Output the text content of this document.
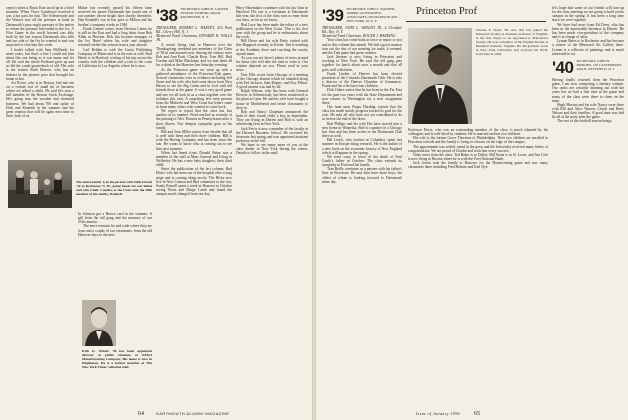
ceptor) when a Bison Kon stood up in a brief moment. When Vince Gambroyd received it was a hot pass for that. The Schenectady and the Warner was all the pressure at hand in Dartmouth's pass-ought pressure of the nation to whom the pressure had ended to the Ivy. A Nice Game in the world beyond was ably built by the last season Dartmouth also tells and our side of the Ivy he wanted to and was surprised to visit him this week.

I hadn't talked with Sam McReady for some years, but that's a line I could ask him about this one being as it was many and for all. He said the whole Portland grew up and so did the youth quarterback of old. His wife is the former Ruth Elmore, who has an interest in the pioneer pace that brought her home at last.

Art Rowe, who is in Boston, had met me on a certain sort of small bit of business where we talked a while. He said he's now a full member of the Boston Stock Exchange. He's going into the wooden and chemical business. We had about 700 and spoke of Dick and Kenneth in the summer and the great reunion that will be again next time in June, both of us.

The entire family is in the picture with Dick Drexel '42 at Rochester, N. H., going heads for our Rebel and wife Lilah. Candice is the from with the fifth member of the family, Dashiell.

Maine has recently passed his fifteen time received his pastor Dartmouth has found one of our number whose bright days shortly thereafter. Dan Kendall's son in law goes to Milton and his brother's company works in 1940.

Frank Greene writes from Newton Center he is still in the East and had a long letter from Bob Allen in Phoenix. Bob has become manager of the Ivy Hotel where his wife and daughter returned earlier this season from a year abroad.

Carl Belden is with the Curtis Publishing Company of Maine and is in the east as well. Paul Hardy is in Hartford, writing of his trip across the country with the children and a visit to the coast of California in Los Angeles where he is now.

In Johnson got a Brown card in the summer. A gift from the old gang and the memory of our 25th reunion.

The news remains far and wide where they are from and a couple of our classmates, from the old Hanover days to the new.

Kirk K. Winter '38 has been appointed director of public relations at WIKO Manufacturing Company. His home is now in Hopkinton. He is a former member of The New York Times' editorial staff.
'38 SECRETARY, JOHN H. CARTER, PYMSOC FORTING ROAD, ROCHESTER, N. Y.

TREASURER, ROBERT L. HARVEY, 416 Park Rd., Cherry Hill, N. J.

Memorial Fund Chairman, EDWARD H. WALLS JR.

A recent flying visit to Hanover over the Thanksgiving weekend put members of the Class of '38 in and around town. Among the visitors were Bob and Ann Pratt, Charlie Rose, Tom Hill, Bud Gordon and Mike Blackmar, and we met them all for a drink at the Hanover Inn Saturday evening.

At the Princeton game we went up with a gathered attendance of the Princeton-Yale game. Several classmates were in evidence including Jeff Stone and his wife who had come down from New Haven to see the Big Green and to visit with old friends there at the game. It was a very good game and one we all took in as a class together over the holidays this year. A surprising few were present from the Midwest and West Coast but letters came in from many others who wanted to come back.

We regret to report that the class has lost another of its number. Word reached us recently of the passing of Alec Thomas in Pennsylvania after a short illness. Our deepest sympathy goes to his family.

Bill and Jean Miller report from Seattle that all is well with them and their three children. Bill is with the Boeing Company and has been since the war. He wants to know who is coming out to see him next summer.

When last heard from, Donald Paine was a member of the staff at Mass General and living in Wellesley. He has a new baby daughter, their third child.

Since the publication of the last column, Bud Hicks' wife has been out of the hospital after a long siege and is coming along nicely. The Hicks now live in New Canaan and Bud commutes to the city. Sandy Russell spent a week in Hanover in October seeing Norm and Marge Lamb and found the campus much changed from our day.

Harry Shoemaker continues with his law firm in Hartford. His son is a freshman at Dartmouth this year, the first of the class sons to enter from our class, as far as we know.

Bud Lucy has been made the editor of a new publication on the West Coast. This is his first year with the group and he is enthusiastic about the work.

Bill Howe and his wife Betty visited with Jim Hapgood recently in Exeter. Jim is teaching at the Academy there and coaching the varsity squash team.

As you can see there's plenty of news around for those who will take the time to write it. Our column depends on you. Please send in your news.

Don Ellis wrote from Chicago of a meeting of the Chicago alumni which he attended along with Ted Jackson, Sam Rogers, and Roy Pelton. A good turnout was had by all.

Ralph Watson, who has been with General Electric in Schenectady, has been transferred to the plant at Lynn. He and his wife have bought a house in Marblehead and invite classmates to drop in.

Bob and Nancy Chapman announced the birth of their fourth child, a boy, in September. They are living in Darien and Bob is with an advertising firm in New York.

Jack Ferris is now a member of the faculty at the Harvard Business School. He received his doctorate last spring and was appointed assistant professor in the fall.

We hope to see many more of you at the class dinner in New York during the winter. Details to follow in the mail.

64	DARTMOUTH ALUMNI MAGAZINE
'39 SECRETARY, JOHN S. WARNER, AMERICAN BUSINESS ASSOCIATES, 200 MADISON AVE., NEW YORK 16, N. Y.

TREASURER, JOHN L. WRIGHT JR., 4 Glendale Rd., Rye, N. Y.

Memorial Fund Chairman, ROGER J. HARDING

Your class has come back in force to report to you and to this column this month. We had a good reunion turn out the day of our meeting for tasks, it seemed, and the Yale game had great weather.

Jack Stearns is now living in Princeton and working in New York. He says the old gang gets together for lunch about once a month and that all goes well with them.

Frank Linden of Denver has been elected president of the Colorado Dartmouth Club. He is also a director of the Denver Chamber of Commerce. Frank and his wife have four children.

Dick Oakes writes that he has been in the Far East for the past two years with the State Department and now returns to Washington for a new assignment there.

Our fund man, Roger Harding, reports that the class has made steady progress toward its goal for the year. He asks all who have not yet contributed to do so before the end of the drive.

Bob Phillips and his wife Dot have moved into a new home in Winnetka. Bob is a partner in a Chicago law firm and has been active in the Dartmouth Club there as well.

Hal Leach, who teaches at Columbia, spent last summer in Europe doing research. He is the author of a new book on the economic history of New England which will appear in the spring.

We were sorry to learn of the death of Paul Grady's father in October. The class extends its sympathy to Paul and his family.

Tom Reilly continues as a partner with his father's firm in Worcester. He and Jean have three boys, the oldest of whom is looking forward to Dartmouth some day.

Princeton Prof

Charles F. Davis '39, who this fall joined the Princeton faculty as assistant professor of English, is the first Negro to be appointed to Princeton's faculty. He was a member of the English faculty at Hampton Institute, Virginia. He did graduate work at New York University and received his Ph.D. from Yale in 1950.

Professor Davis, who was an outstanding member of the class, is much admired by his colleagues and is well liked by students. He is married and has two children.

His wife is the former Grace Thornton of Philadelphia. Their two children are enrolled in Princeton schools and the family is living in a house on the edge of the campus.

The appointment was widely noted in the press and the University received many letters of congratulation. We are proud of Charlie and wish him every success.

Other news from the class: Ted Baker is in Dallas, Bill Stone is in St. Louis, and Jim Cole is now living in Boston where he is with the First National Bank.

Jack Green took the family to Hanover for the Homecoming game and saw many classmates there including Fred Holmes and Earl Nye.

let's hope that some of our friends will turn up for the class meeting we are going to hold on the campus in the spring. It has been a long time since we were together.

We have had news from Ed Drew, who has been in the automobile business in Detroit. He has been made vice-president of the company and is in charge of sales.

Lyman Bates is in Rochester and has become a trustee of the Memorial Art Gallery there. Lyman is a collector of paintings and is much interested in art.

'40 SECRETARY, JOHN H. HOPKINS, 120 CANTERBURY ROAD, WESTFIELD, N. J.

Having finally returned from the Princeton game, I am now composing a January column. Our ranks are certainly thinning out with the years but we had a fine time at the game and many of the class were there to cheer on the team.

Hugh Morton and his wife Nancy were there with Bill and Alice Warren, Chuck and Betty Nelson and their families. A good time was had by all at the party after the game.

The rest of the football season brings

Issue of January 1956 65
